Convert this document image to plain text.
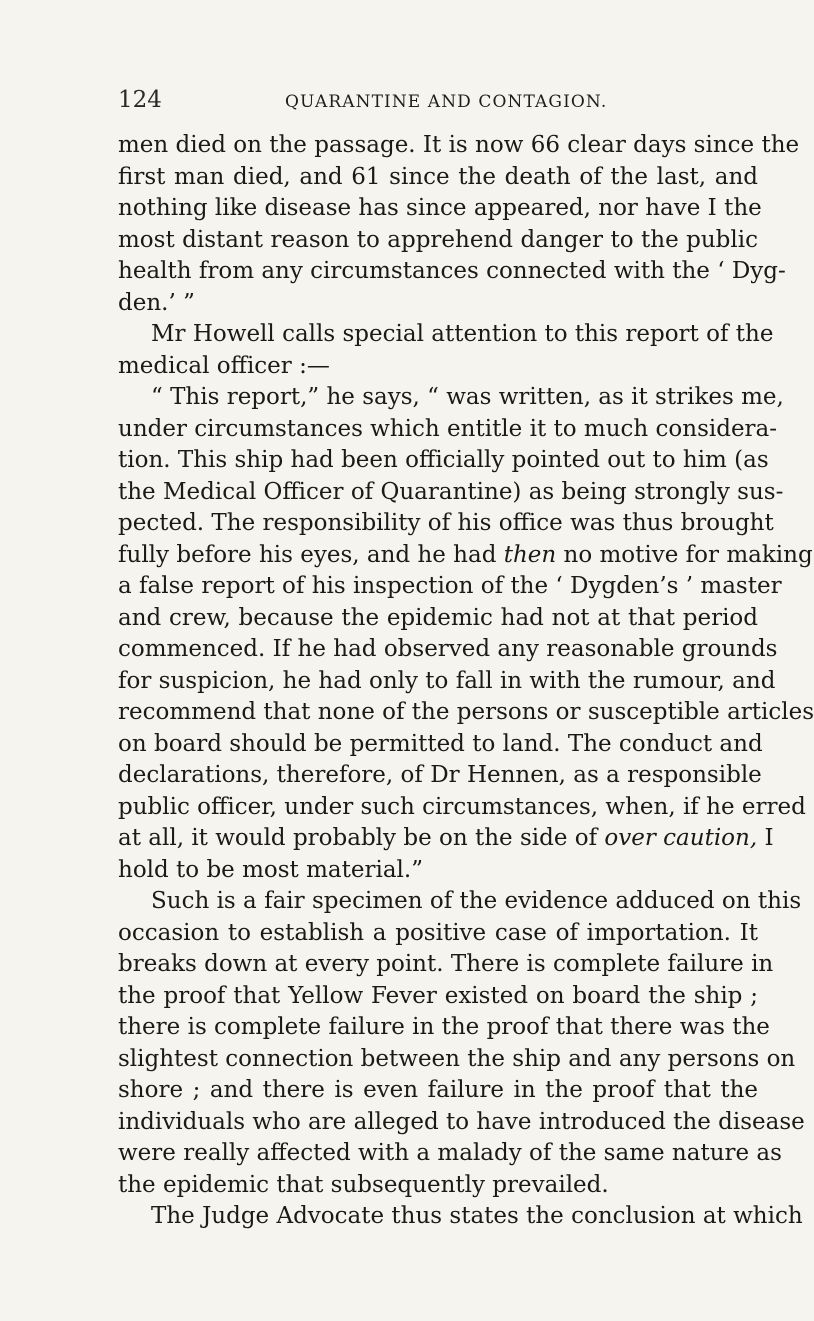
124	QUARANTINE AND CONTAGION.
men died on the passage. It is now 66 clear days since the
first man died, and 61 since the death of the last, and
nothing like disease has since appeared, nor have I the
most distant reason to apprehend danger to the public
health from any circumstances connected with the ‘ Dyg-
den.’ ”
Mr Howell calls special attention to this report of the
medical officer :—
“ This report,” he says, “ was written, as it strikes me,
under circumstances which entitle it to much considera-
tion. This ship had been officially pointed out to him (as
the Medical Officer of Quarantine) as being strongly sus-
pected. The responsibility of his office was thus brought
fully before his eyes, and he had then no motive for making
a false report of his inspection of the ‘ Dygden’s ’ master
and crew, because the epidemic had not at that period
commenced. If he had observed any reasonable grounds
for suspicion, he had only to fall in with the rumour, and
recommend that none of the persons or susceptible articles
on board should be permitted to land. The conduct and
declarations, therefore, of Dr Hennen, as a responsible
public officer, under such circumstances, when, if he erred
at all, it would probably be on the side of over caution, I
hold to be most material.”
Such is a fair specimen of the evidence adduced on this
occasion to establish a positive case of importation. It
breaks down at every point. There is complete failure in
the proof that Yellow Fever existed on board the ship ;
there is complete failure in the proof that there was the
slightest connection between the ship and any persons on
shore ; and there is even failure in the proof that the
individuals who are alleged to have introduced the disease
were really affected with a malady of the same nature as
the epidemic that subsequently prevailed.
The Judge Advocate thus states the conclusion at which
